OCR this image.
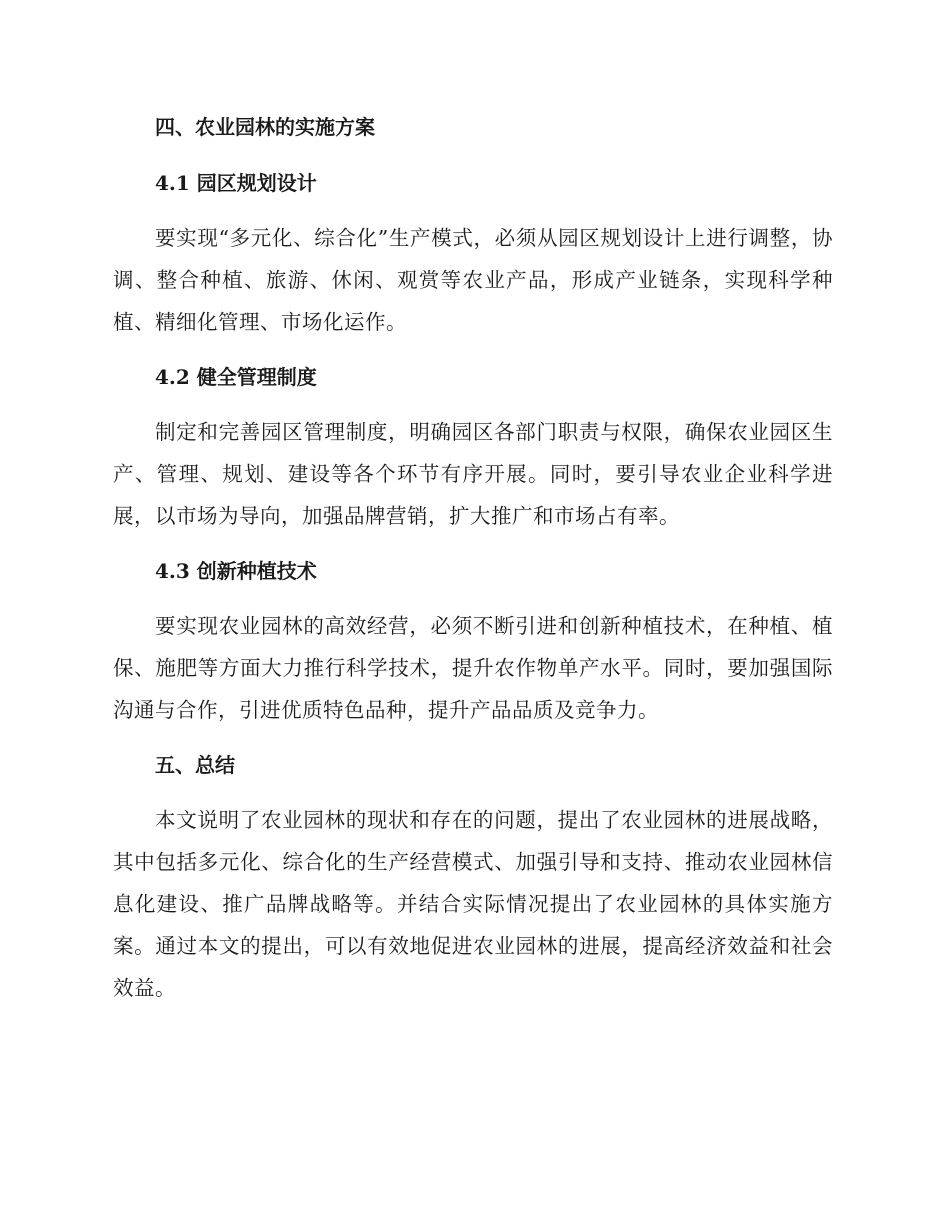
四、农业园林的实施方案
4.1 园区规划设计

要实现“多元化、综合化”生产模式，必须从园区规划设计上进行调整，协调、整合种植、旅游、休闲、观赏等农业产品，形成产业链条，实现科学种植、精细化管理、市场化运作。

4.2 健全管理制度

制定和完善园区管理制度，明确园区各部门职责与权限，确保农业园区生产、管理、规划、建设等各个环节有序开展。同时，要引导农业企业科学进展，以市场为导向，加强品牌营销，扩大推广和市场占有率。

4.3 创新种植技术

要实现农业园林的高效经营，必须不断引进和创新种植技术，在种植、植保、施肥等方面大力推行科学技术，提升农作物单产水平。同时，要加强国际沟通与合作，引进优质特色品种，提升产品品质及竞争力。

五、总结

本文说明了农业园林的现状和存在的问题，提出了农业园林的进展战略，其中包括多元化、综合化的生产经营模式、加强引导和支持、推动农业园林信息化建设、推广品牌战略等。并结合实际情况提出了农业园林的具体实施方案。通过本文的提出，可以有效地促进农业园林的进展，提高经济效益和社会效益。
